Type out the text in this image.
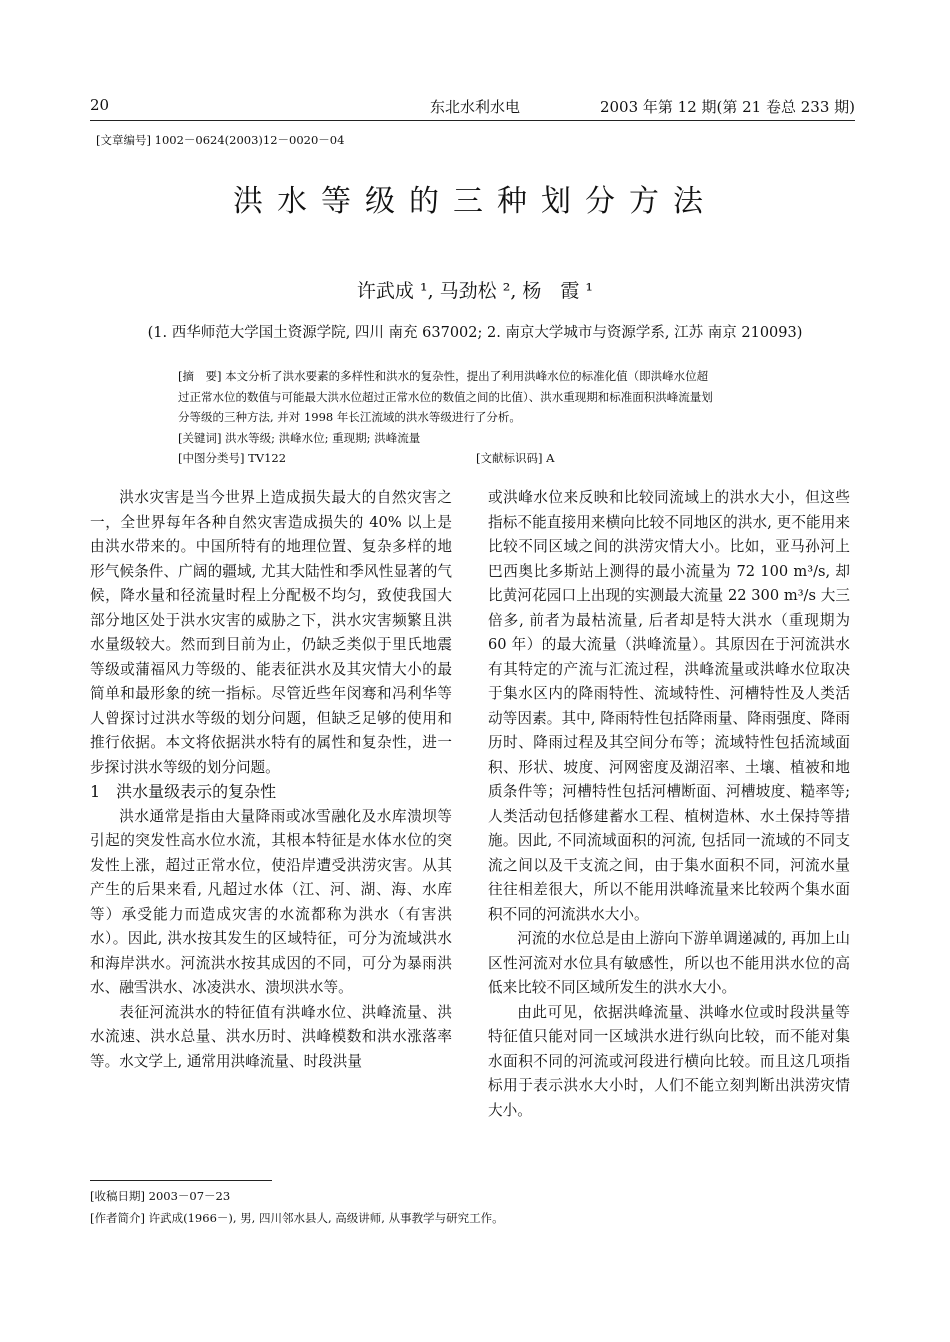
20	东北水利水电	2003 年第 12 期(第 21 卷总 233 期)
[文章编号] 1002－0624(2003)12－0020－04
洪水等级的三种划分方法
许武成 ¹, 马劲松 ², 杨　霞 ¹
(1. 西华师范大学国土资源学院, 四川 南充 637002; 2. 南京大学城市与资源学系, 江苏 南京 210093)
[摘　要] 本文分析了洪水要素的多样性和洪水的复杂性，提出了利用洪峰水位的标准化值（即洪峰水位超
过正常水位的数值与可能最大洪水位超过正常水位的数值之间的比值）、洪水重现期和标准面积洪峰流量划
分等级的三种方法, 并对 1998 年长江流域的洪水等级进行了分析。
[关键词] 洪水等级; 洪峰水位; 重现期; 洪峰流量
[中图分类号] TV122	[文献标识码] A

洪水灾害是当今世界上造成损失最大的自然灾害之一，全世界每年各种自然灾害造成损失的 40% 以上是由洪水带来的。中国所特有的地理位置、复杂多样的地形气候条件、广阔的疆域, 尤其大陆性和季风性显著的气候，降水量和径流量时程上分配极不均匀，致使我国大部分地区处于洪水灾害的威胁之下，洪水灾害频繁且洪水量级较大。然而到目前为止，仍缺乏类似于里氏地震等级或蒲福风力等级的、能表征洪水及其灾情大小的最简单和最形象的统一指标。尽管近些年闵骞和冯利华等人曾探讨过洪水等级的划分问题，但缺乏足够的使用和推行依据。本文将依据洪水特有的属性和复杂性，进一步探讨洪水等级的划分问题。

1　洪水量级表示的复杂性

洪水通常是指由大量降雨或冰雪融化及水库溃坝等引起的突发性高水位水流，其根本特征是水体水位的突发性上涨，超过正常水位，使沿岸遭受洪涝灾害。从其产生的后果来看, 凡超过水体（江、河、湖、海、水库等）承受能力而造成灾害的水流都称为洪水（有害洪水）。因此, 洪水按其发生的区域特征，可分为流域洪水和海岸洪水。河流洪水按其成因的不同，可分为暴雨洪水、融雪洪水、冰凌洪水、溃坝洪水等。

表征河流洪水的特征值有洪峰水位、洪峰流量、洪水流速、洪水总量、洪水历时、洪峰模数和洪水涨落率等。水文学上, 通常用洪峰流量、时段洪量

或洪峰水位来反映和比较同流域上的洪水大小，但这些指标不能直接用来横向比较不同地区的洪水, 更不能用来比较不同区域之间的洪涝灾情大小。比如，亚马孙河上巴西奥比多斯站上测得的最小流量为 72 100 m³/s, 却比黄河花园口上出现的实测最大流量 22 300 m³/s 大三倍多, 前者为最枯流量, 后者却是特大洪水（重现期为 60 年）的最大流量（洪峰流量）。其原因在于河流洪水有其特定的产流与汇流过程，洪峰流量或洪峰水位取决于集水区内的降雨特性、流域特性、河槽特性及人类活动等因素。其中, 降雨特性包括降雨量、降雨强度、降雨历时、降雨过程及其空间分布等；流域特性包括流域面积、形状、坡度、河网密度及湖沼率、土壤、植被和地质条件等；河槽特性包括河槽断面、河槽坡度、糙率等; 人类活动包括修建蓄水工程、植树造林、水土保持等措施。因此, 不同流域面积的河流, 包括同一流域的不同支流之间以及干支流之间，由于集水面积不同，河流水量往往相差很大，所以不能用洪峰流量来比较两个集水面积不同的河流洪水大小。

河流的水位总是由上游向下游单调递减的, 再加上山区性河流对水位具有敏感性，所以也不能用洪水位的高低来比较不同区域所发生的洪水大小。

由此可见，依据洪峰流量、洪峰水位或时段洪量等特征值只能对同一区域洪水进行纵向比较，而不能对集水面积不同的河流或河段进行横向比较。而且这几项指标用于表示洪水大小时，人们不能立刻判断出洪涝灾情大小。

[收稿日期] 2003－07－23
[作者简介] 许武成(1966－), 男, 四川邻水县人, 高级讲师, 从事教学与研究工作。
